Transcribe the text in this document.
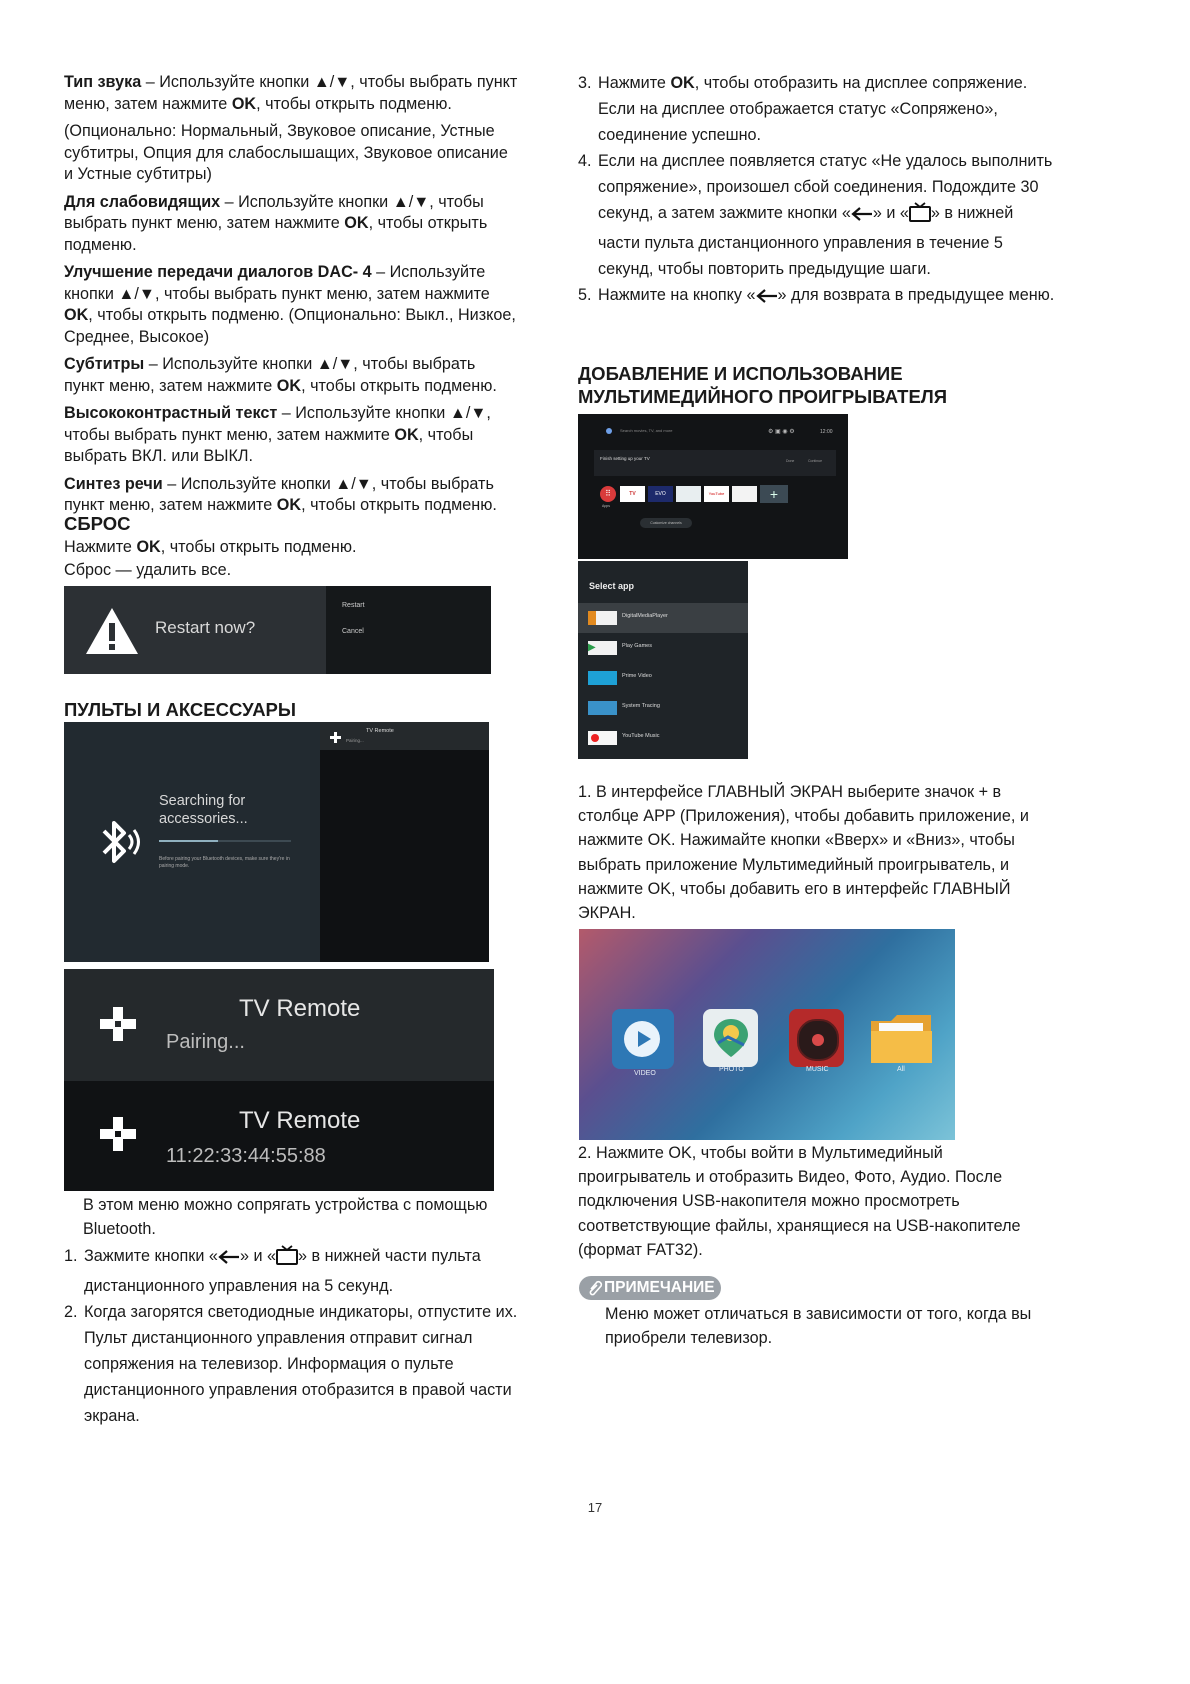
Тип звука – Используйте кнопки ▲/▼, чтобы выбрать пункт меню, затем нажмите OK, чтобы открыть подменю.

(Опционально: Нормальный, Звуковое описание, Устные субтитры, Опция для слабослышащих, Звуковое описание и Устные субтитры)

Для слабовидящих – Используйте кнопки ▲/▼, чтобы выбрать пункт меню, затем нажмите OK, чтобы открыть подменю.

Улучшение передачи диалогов DAC- 4 – Используйте кнопки ▲/▼, чтобы выбрать пункт меню, затем нажмите OK, чтобы открыть подменю. (Опционально: Выкл., Низкое, Среднее, Высокое)

Субтитры – Используйте кнопки ▲/▼, чтобы выбрать пункт меню, затем нажмите OK, чтобы открыть подменю.

Высококонтрастный текст – Используйте кнопки ▲/▼, чтобы выбрать пункт меню, затем нажмите OK, чтобы выбрать ВКЛ. или ВЫКЛ.

Синтез речи – Используйте кнопки ▲/▼, чтобы выбрать пункт меню, затем нажмите OK, чтобы открыть подменю.

СБРОС
Нажмите OK, чтобы открыть подменю.
Сброс — удалить все.
Restart now?
Restart
Cancel
ПУЛЬТЫ И АКСЕССУАРЫ
Searching for accessories...
Before pairing your Bluetooth devices, make sure they're in pairing mode.
TV Remote
Pairing...
TV Remote
Pairing...
TV Remote
11:22:33:44:55:88
В этом меню можно сопрягать устройства с помощью Bluetooth.
1. Зажмите кнопки « » и « » в нижней части пульта дистанционного управления на 5 секунд.
2. Когда загорятся светодиодные индикаторы, отпустите их. Пульт дистанционного управления отправит сигнал сопряжения на телевизор. Информация о пульте дистанционного управления отобразится в правой части экрана.
3. Нажмите OK, чтобы отобразить на дисплее сопряжение. Если на дисплее отображается статус «Сопряжено», соединение успешно.
4. Если на дисплее появляется статус «Не удалось выполнить сопряжение», произошел сбой соединения. Подождите 30 секунд, а затем зажмите кнопки « » и « » в нижней части пульта дистанционного управления в течение 5 секунд, чтобы повторить предыдущие шаги.
5. Нажмите на кнопку « » для возврата в предыдущее меню.
ДОБАВЛЕНИЕ И ИСПОЛЬЗОВАНИЕ
МУЛЬТИМЕДИЙНОГО ПРОИГРЫВАТЕЛЯ
Search movies, TV, and more	⚙ ▣ ◉ ⚙	12:00
Finish setting up your TV	Done	Continue
⠿
Apps
TV	EVO	YouTube	+
Customize channels
Select app
DigitalMediaPlayer
▶	Play Games
Prime Video
System Tracing
YouTube Music
1. В интерфейсе ГЛАВНЫЙ ЭКРАН выберите значок + в столбце APP (Приложения), чтобы добавить приложение, и нажмите OK. Нажимайте кнопки «Вверх» и «Вниз», чтобы выбрать приложение Мультимедийный проигрыватель, и нажмите OK, чтобы добавить его в интерфейс ГЛАВНЫЙ ЭКРАН.
VIDEO
PHOTO	MUSIC	All
2. Нажмите OK, чтобы войти в Мультимедийный проигрыватель и отобразить Видео, Фото, Аудио. После подключения USB-накопителя можно просмотреть соответствующие файлы, хранящиеся на USB-накопителе (формат FAT32).
ПРИМЕЧАНИЕ
Меню может отличаться в зависимости от того, когда вы приобрели телевизор.
17
